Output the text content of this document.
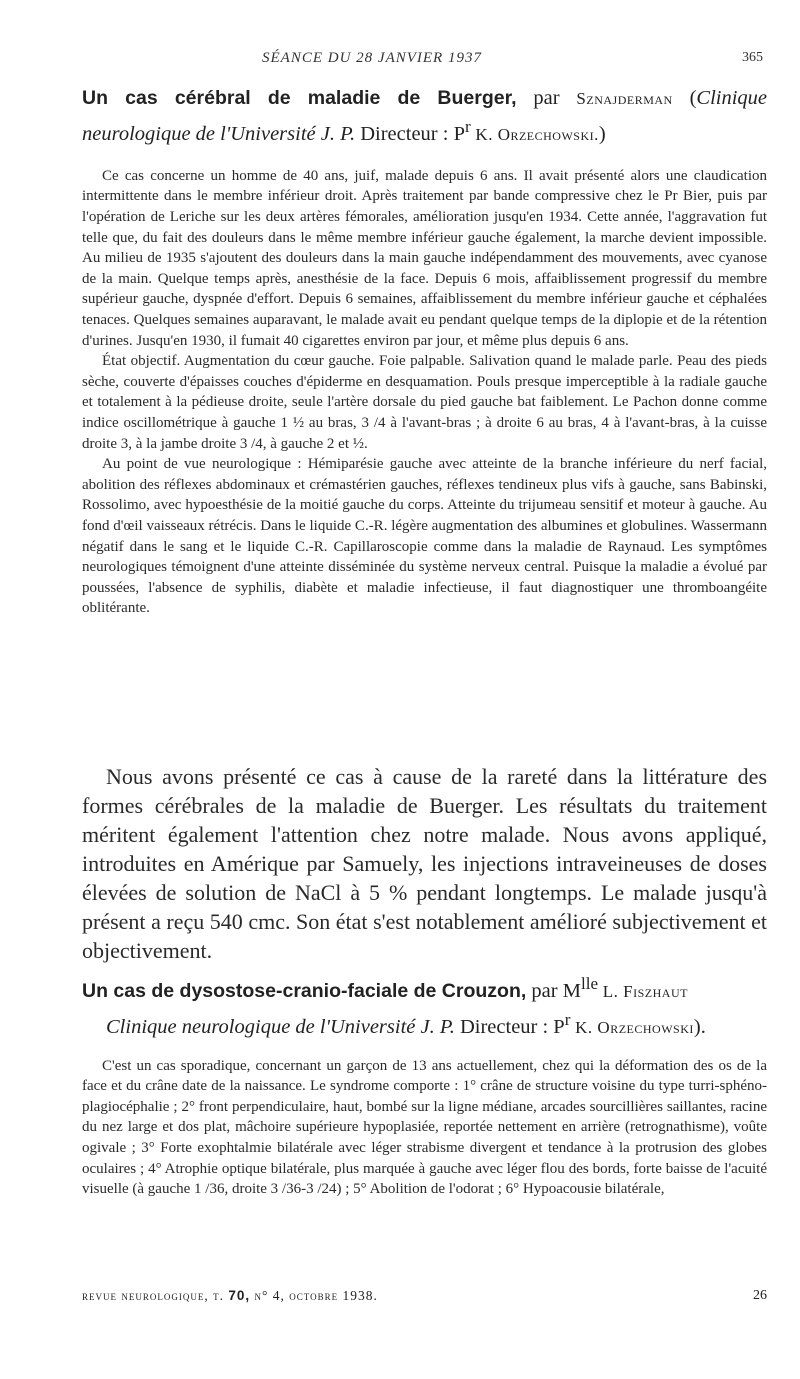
SÉANCE DU 28 JANVIER 1937	365

Un cas cérébral de maladie de Buerger, par Sznajderman (Clinique neurologique de l'Université J. P. Directeur : $P^r$ K. Orzechowski.)

Ce cas concerne un homme de 40 ans, juif, malade depuis 6 ans. Il avait présenté alors une claudication intermittente dans le membre inférieur droit. Après traitement par bande compressive chez le Pr Bier, puis par l'opération de Leriche sur les deux artères fémorales, amélioration jusqu'en 1934. Cette année, l'aggravation fut telle que, du fait des douleurs dans le même membre inférieur gauche également, la marche devient impossible. Au milieu de 1935 s'ajoutent des douleurs dans la main gauche indépendamment des mouvements, avec cyanose de la main. Quelque temps après, anesthésie de la face. Depuis 6 mois, affaiblissement progressif du membre supérieur gauche, dyspnée d'effort. Depuis 6 semaines, affaiblissement du membre inférieur gauche et céphalées tenaces. Quelques semaines auparavant, le malade avait eu pendant quelque temps de la diplopie et de la rétention d'urines. Jusqu'en 1930, il fumait 40 cigarettes environ par jour, et même plus depuis 6 ans.

État objectif. Augmentation du cœur gauche. Foie palpable. Salivation quand le malade parle. Peau des pieds sèche, couverte d'épaisses couches d'épiderme en desquamation. Pouls presque imperceptible à la radiale gauche et totalement à la pédieuse droite, seule l'artère dorsale du pied gauche bat faiblement. Le Pachon donne comme indice oscillométrique à gauche 1 ½ au bras, 3 /4 à l'avant-bras ; à droite 6 au bras, 4 à l'avant-bras, à la cuisse droite 3, à la jambe droite 3 /4, à gauche 2 et ½.

Au point de vue neurologique : Hémiparésie gauche avec atteinte de la branche inférieure du nerf facial, abolition des réflexes abdominaux et crémastérien gauches, réflexes tendineux plus vifs à gauche, sans Babinski, Rossolimo, avec hypoesthésie de la moitié gauche du corps. Atteinte du trijumeau sensitif et moteur à gauche. Au fond d'œil vaisseaux rétrécis. Dans le liquide C.-R. légère augmentation des albumines et globulines. Wassermann négatif dans le sang et le liquide C.-R. Capillaroscopie comme dans la maladie de Raynaud. Les symptômes neurologiques témoignent d'une atteinte disséminée du système nerveux central. Puisque la maladie a évolué par poussées, l'absence de syphilis, diabète et maladie infectieuse, il faut diagnostiquer une thromboangéite oblitérante.

Nous avons présenté ce cas à cause de la rareté dans la littérature des formes cérébrales de la maladie de Buerger. Les résultats du traitement méritent également l'attention chez notre malade. Nous avons appliqué, introduites en Amérique par Samuely, les injections intraveineuses de doses élevées de solution de NaCl à 5 % pendant longtemps. Le malade jusqu'à présent a reçu 540 cmc. Son état s'est notablement amélioré subjectivement et objectivement.

Un cas de dysostose-cranio-faciale de Crouzon, par $M^{lle}$ L. Fiszhaut
Clinique neurologique de l'Université J. P. Directeur : $P^r$ K. Orzechowski).

C'est un cas sporadique, concernant un garçon de 13 ans actuellement, chez qui la déformation des os de la face et du crâne date de la naissance. Le syndrome comporte : 1° crâne de structure voisine du type turri-sphéno-plagiocéphalie ; 2° front perpendiculaire, haut, bombé sur la ligne médiane, arcades sourcillières saillantes, racine du nez large et dos plat, mâchoire supérieure hypoplasiée, reportée nettement en arrière (retrognathisme), voûte ogivale ; 3° Forte exophtalmie bilatérale avec léger strabisme divergent et tendance à la protrusion des globes oculaires ; 4° Atrophie optique bilatérale, plus marquée à gauche avec léger flou des bords, forte baisse de l'acuité visuelle (à gauche 1 /36, droite 3 /36-3 /24) ; 5° Abolition de l'odorat ; 6° Hypoacousie bilatérale,

revue neurologique, t. 70, n° 4, octobre 1938.	26
